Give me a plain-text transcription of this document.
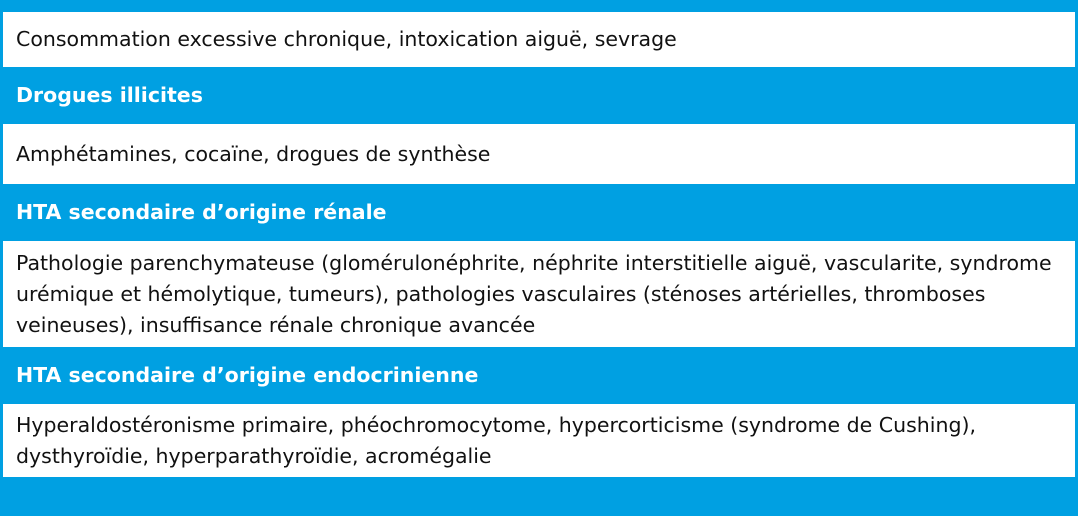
Consommation excessive chronique, intoxication aiguë, sevrage
Drogues illicites
Amphétamines, cocaïne, drogues de synthèse
HTA secondaire d’origine rénale
Pathologie parenchymateuse (glomérulonéphrite, néphrite interstitielle aiguë, vascularite, syndrome urémique et hémolytique, tumeurs), pathologies vasculaires (sténoses artérielles, thromboses veineuses), insuffisance rénale chronique avancée
HTA secondaire d’origine endocrinienne
Hyperaldostéronisme primaire, phéochromocytome, hypercorticisme (syndrome de Cushing), dysthyroïdie, hyperparathyroïdie, acromégalie
